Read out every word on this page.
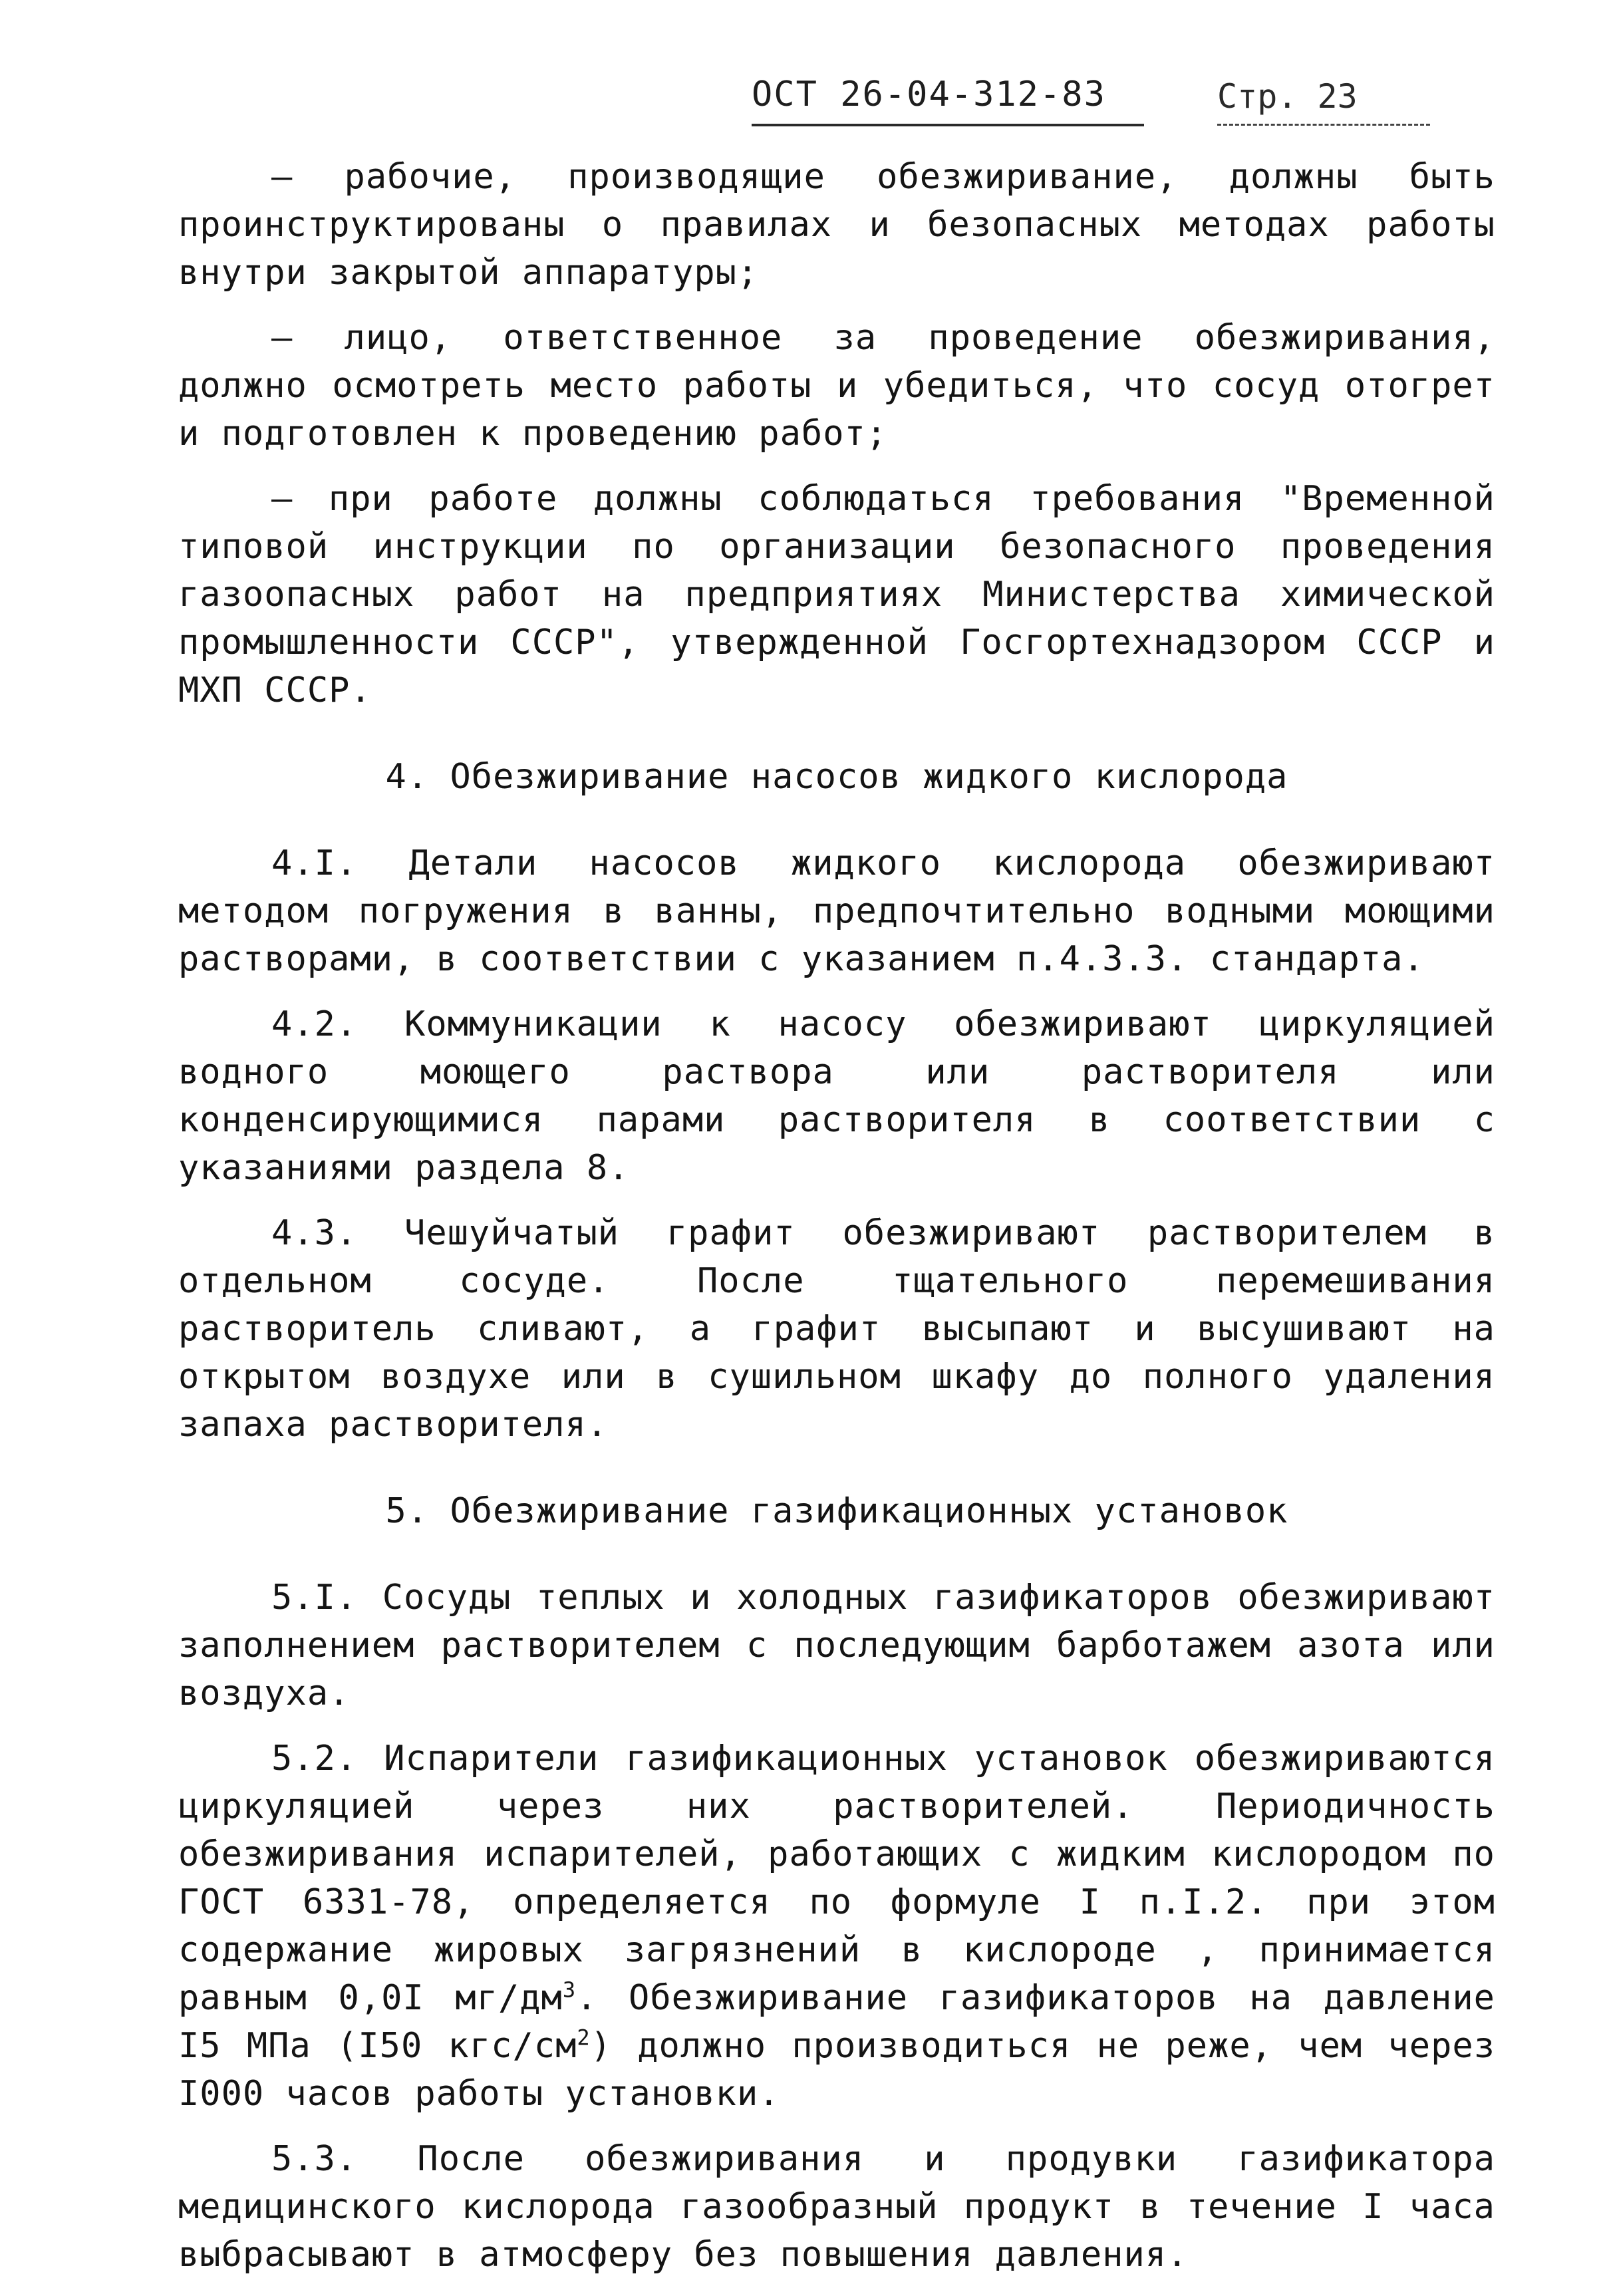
ОСТ 26-04-312-83	Стр. 23

– рабочие, производящие обезжиривание, должны быть проинструктированы о правилах и безопасных методах работы внутри закрытой аппаратуры;

– лицо, ответственное за проведение обезжиривания, должно осмотреть место работы и убедиться, что сосуд отогрет и подготовлен к проведению работ;

– при работе должны соблюдаться требования "Временной типовой инструкции по организации безопасного проведения газоопасных работ на предприятиях Министерства химической промышленности СССР", утвержденной Госгортехнадзором СССР и МХП СССР.

4. Обезжиривание насосов жидкого кислорода

4.I. Детали насосов жидкого кислорода обезжиривают методом погружения в ванны, предпочтительно водными моющими растворами, в соответствии с указанием п.4.3.3. стандарта.

4.2. Коммуникации к насосу обезжиривают циркуляцией водного моющего раствора или растворителя или конденсирующимися парами растворителя в соответствии с указаниями раздела 8.

4.3. Чешуйчатый графит обезжиривают растворителем в отдельном сосуде. После тщательного перемешивания растворитель сливают, а графит высыпают и высушивают на открытом воздухе или в сушильном шкафу до полного удаления запаха растворителя.

5. Обезжиривание газификационных установок

5.I. Сосуды теплых и холодных газификаторов обезжиривают заполнением растворителем с последующим барботажем азота или воздуха.

5.2. Испарители газификационных установок обезжириваются циркуляцией через них растворителей. Периодичность обезжиривания испарителей, работающих с жидким кислородом по ГОСТ 6331-78, определяется по формуле I п.I.2. при этом содержание жировых загрязнений в кислороде , принимается равным 0,0I $мг/дм^3$. Обезжиривание газификаторов на давление I5 МПа (I50 кгс/$см^2$) должно производиться не реже, чем через I000 часов работы установки.

5.3. После обезжиривания и продувки газификатора медицинского кислорода газообразный продукт в течение I часа выбрасывают в атмосферу без повышения давления.
